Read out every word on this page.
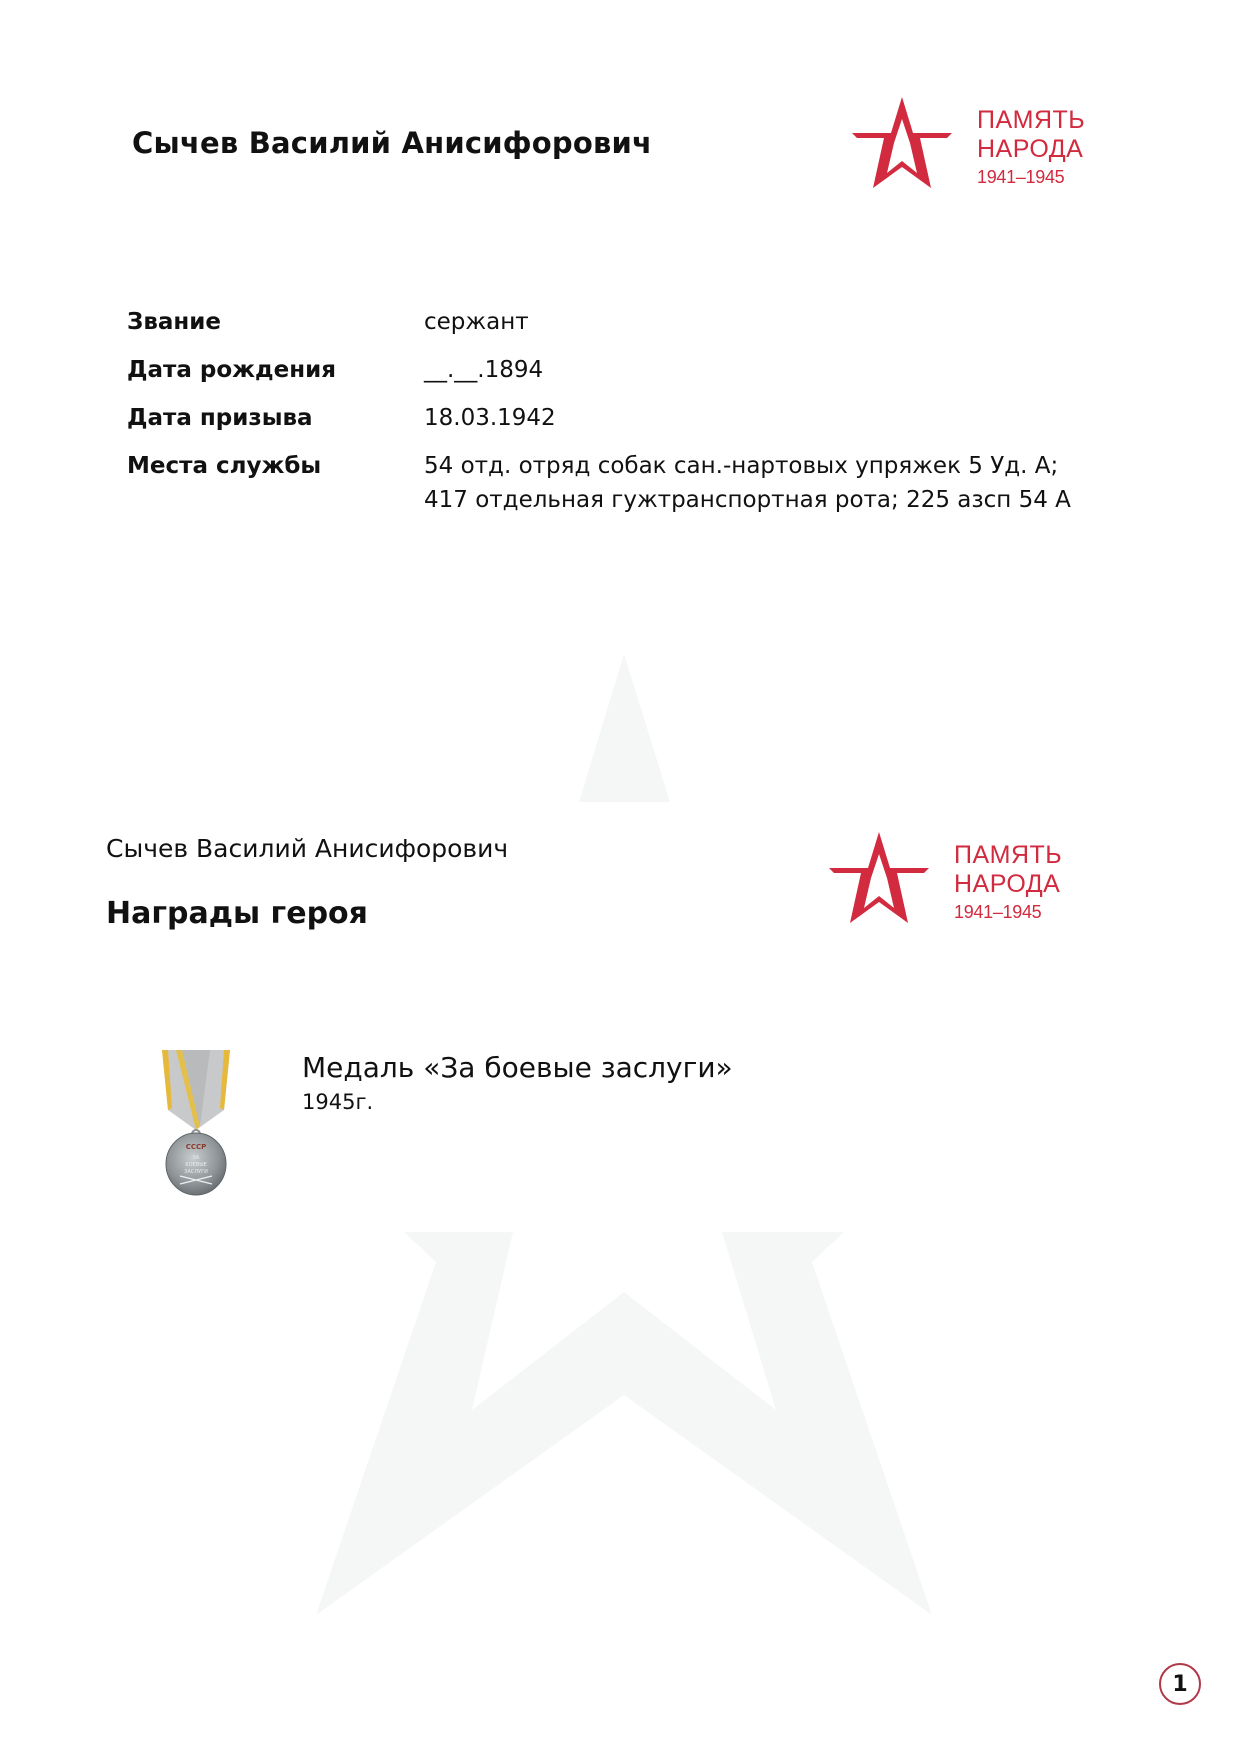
Сычев Василий Анисифорович
ПАМЯТЬ
НАРОДА
1941–1945
Звание	сержант
Дата рождения	__.__.1894
Дата призыва	18.03.1942
Места службы	54 отд. отряд собак сан.-нартовых упряжек 5 Уд. А;
417 отдельная гужтранспортная рота; 225 азсп 54 А
Сычев Василий Анисифорович
Награды героя
ПАМЯТЬ
НАРОДА
1941–1945
СССР
ЗА
БОЕВЫЕ
ЗАСЛУГИ
Медаль «За боевые заслуги»
1945г.
1
